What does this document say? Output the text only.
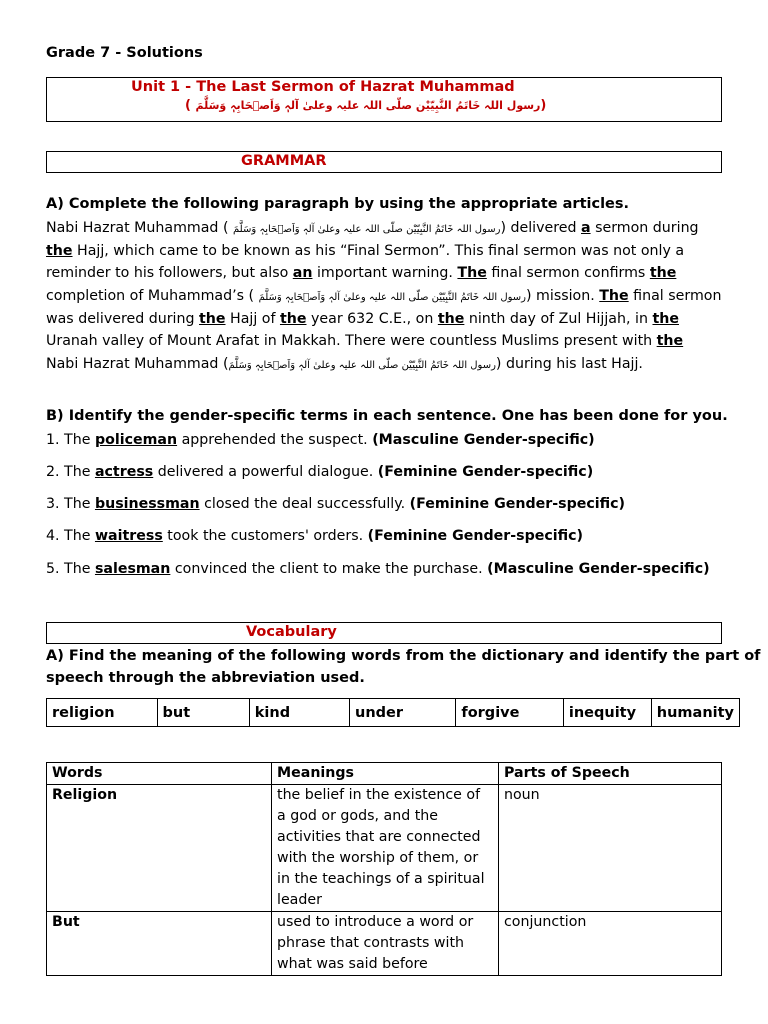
Grade 7 - Solutions
Unit 1 - The Last Sermon of Hazrat Muhammad
( رسول اللہ خَاتَمُ النَّبِیّیْن صلّی اللہ علیہ وعلیٰ آلہٖ وَاَصۡحَابِہٖ وَسَلَّمَ)
GRAMMAR
A) Complete the following paragraph by using the appropriate articles.
Nabi Hazrat Muhammad ( رسول اللہ خَاتَمُ النَّبِیّیْن صلّی اللہ علیہ وعلیٰ آلہٖ وَاَصۡحَابِہٖ وَسَلَّمَ) delivered a sermon during
the Hajj, which came to be known as his “Final Sermon”. This final sermon was not only a
reminder to his followers, but also an important warning. The final sermon confirms the
completion of Muhammad’s ( رسول اللہ خَاتَمُ النَّبِیّیْن صلّی اللہ علیہ وعلیٰ آلہٖ وَاَصۡحَابِہٖ وَسَلَّمَ) mission. The final sermon
was delivered during the Hajj of the year 632 C.E., on the ninth day of Zul Hijjah, in the
Uranah valley of Mount Arafat in Makkah. There were countless Muslims present with the
Nabi Hazrat Muhammad (رسول اللہ خَاتَمُ النَّبِیّیْن صلّی اللہ علیہ وعلیٰ آلہٖ وَاَصۡحَابِہٖ وَسَلَّمَ) during his last Hajj.
B) Identify the gender-specific terms in each sentence. One has been done for you.
1. The policeman apprehended the suspect. (Masculine Gender-specific)
2. The actress delivered a powerful dialogue. (Feminine Gender-specific)
3. The businessman closed the deal successfully. (Feminine Gender-specific)
4. The waitress took the customers' orders. (Feminine Gender-specific)
5. The salesman convinced the client to make the purchase. (Masculine Gender-specific)
Vocabulary
A) Find the meaning of the following words from the dictionary and identify the part of
speech through the abbreviation used.
religion	but	kind	under	forgive	inequity	humanity
Words	Meanings	Parts of Speech
Religion	the belief in the existence of a god or gods, and the activities that are connected with the worship of them, or in the teachings of a spiritual leader	noun
But	used to introduce a word or phrase that contrasts with what was said before	conjunction
